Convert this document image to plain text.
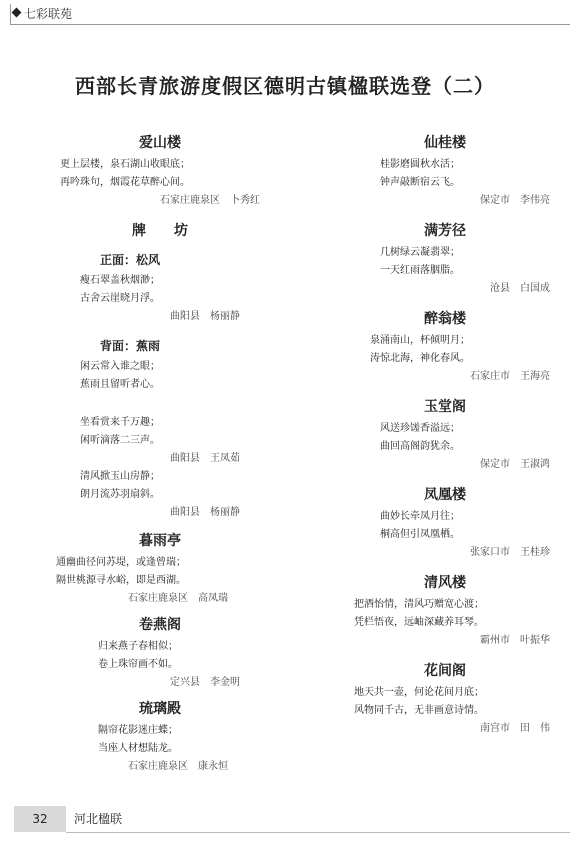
七彩联苑
西部长青旅游度假区德明古镇楹联选登（二）

爱山楼

更上层楼，泉石湖山收眼底；

再吟珠句，烟霞花草醉心间。

石家庄鹿泉区　卜秀红

牌　　坊

正面：松风

瘦石翠盖秋烟渺；

古舍云崖晓月浮。

曲阳县　杨丽静

背面：蕉雨

闲云常入谁之眼；

蕉雨且留听者心。

坐看赏来千万趣；

闲听滴落二三声。

曲阳县　王凤茹

清风掀玉山房静；

朗月流苏羽扇斜。

曲阳县　杨丽静

暮雨亭

通幽曲径问苏堤，或逢曾瑞；

隔世桃源寻水峪，即是西湖。

石家庄鹿泉区　高凤瑞

卷燕阁

归来燕子春相似；

卷上珠帘画不如。

定兴县　李金明

琉璃殿

隔帘花影迷庄蝶；

当座人材想陆龙。

石家庄鹿泉区　康永恒

仙桂楼

桂影磨圆秋水活；

钟声敲断宿云飞。

保定市　李伟亮

满芳径

几树绿云凝翡翠；

一天红雨落胭脂。

沧县　白国成

醉翁楼

泉涌南山，杯倾明月；

涛惊北海，神化春风。

石家庄市　王海亮

玉堂阁

风送珍馐香溢远；

曲回高阁韵犹余。

保定市　王淑鸿

凤凰楼

曲妙长牵凤月往；

桐高但引凤凰栖。

张家口市　王桂珍

清风楼

把酒怡情，清风巧赠宽心渡；

凭栏悟夜，远岫深藏养耳琴。

霸州市　叶振华

花间阁

地天共一壶，何论花间月底；

风物同千古，无非画意诗情。

南宫市　田　伟

32	河北楹联
